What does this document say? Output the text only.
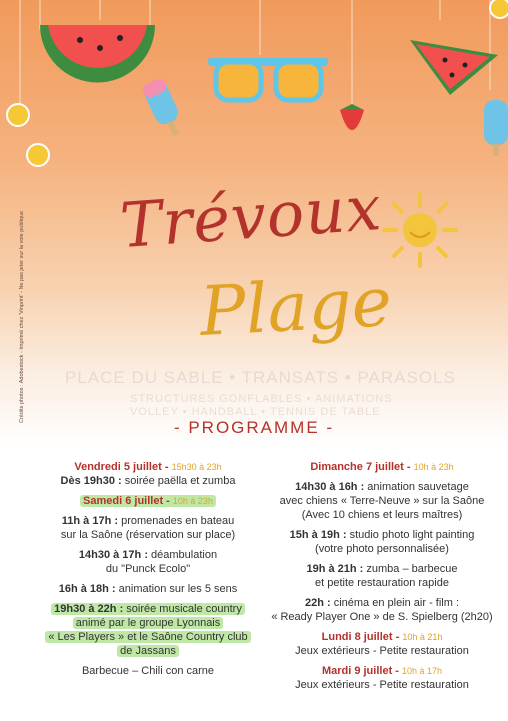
Crédits photos : Adobestock - Imprimé chez 'Vinprint' - Ne pas jeter sur la voie publique Trévoux
Plage
PLACE DU SABLE • TRANSATS • PARASOLS
STRUCTURES GONFLABLES • ANIMATIONS
VOLLEY • HANDBALL • TENNIS DE TABLE
- PROGRAMME -
Vendredi 5 juillet - 15h30 à 23h
Dès 19h30 : soirée paëlla et zumba
Samedi 6 juillet - 10h à 23h
11h à 17h : promenades en bateau
sur la Saône (réservation sur place)
14h30 à 17h : déambulation
du "Punck Ecolo"
16h à 18h : animation sur les 5 sens
19h30 à 22h : soirée musicale country
animé par le groupe Lyonnais
« Les Players » et le Saône Country club
de Jassans
Barbecue – Chili con carne
Dimanche 7 juillet - 10h à 23h
14h30 à 16h : animation sauvetage
avec chiens « Terre-Neuve » sur la Saône
(Avec 10 chiens et leurs maîtres)
15h à 19h : studio photo light painting
(votre photo personnalisée)
19h à 21h : zumba – barbecue
et petite restauration rapide
22h : cinéma en plein air - film :
« Ready Player One » de S. Spielberg (2h20)
Lundi 8 juillet - 10h à 21h
Jeux extérieurs - Petite restauration
Mardi 9 juillet - 10h à 17h
Jeux extérieurs - Petite restauration
